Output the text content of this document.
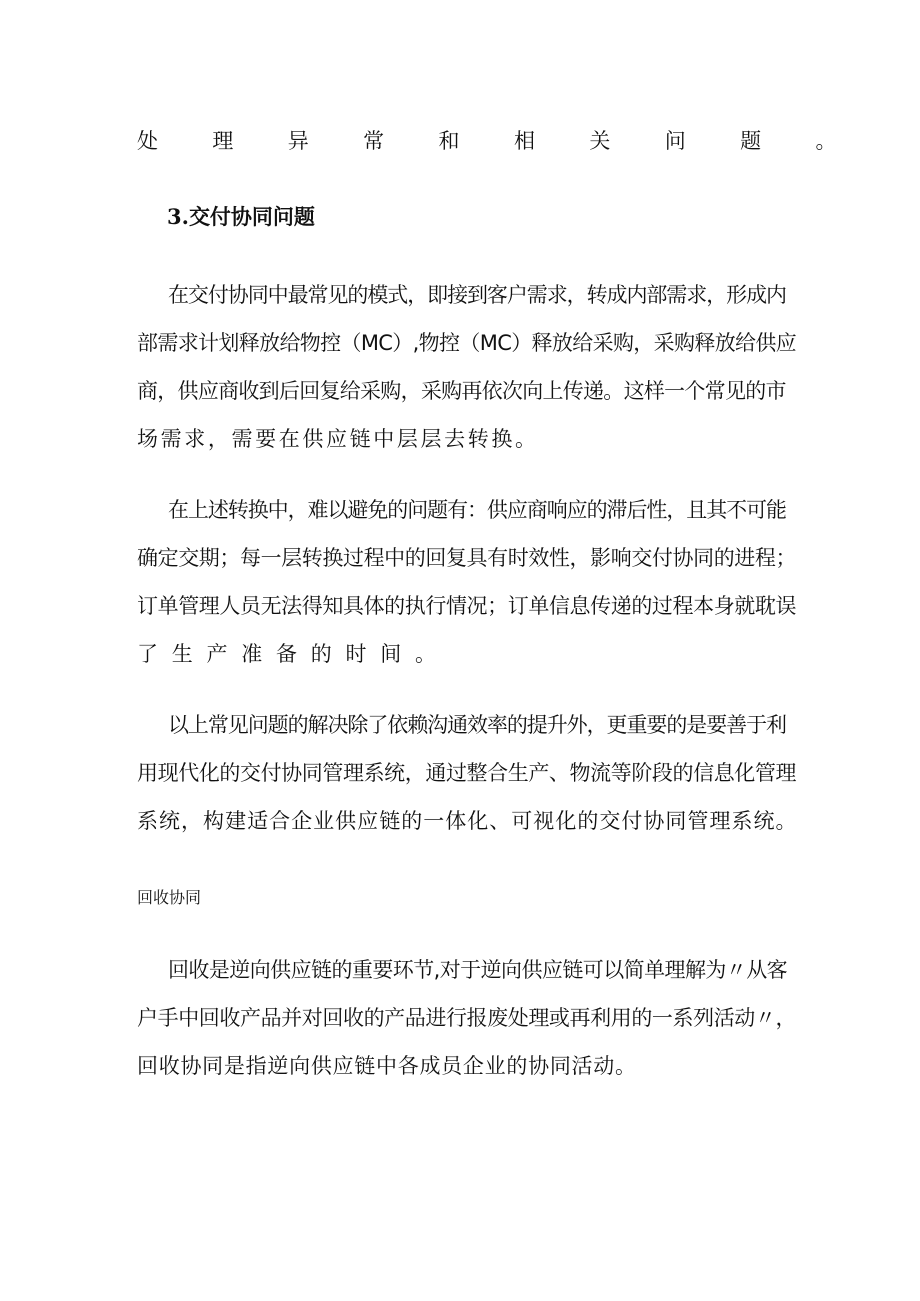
处理异常和相关问题。
3.交付协同问题
在交付协同中最常见的模式，即接到客户需求，转成内部需求，形成内
部需求计划释放给物控（MC）,物控（MC）释放给采购，采购释放给供应
商，供应商收到后回复给采购，采购再依次向上传递。这样一个常见的市
场需求，需要在供应链中层层去转换。
在上述转换中，难以避免的问题有：供应商响应的滞后性，且其不可能
确定交期；每一层转换过程中的回复具有时效性，影响交付协同的进程；
订单管理人员无法得知具体的执行情况；订单信息传递的过程本身就耽误
了生产准备的时间。
以上常见问题的解决除了依赖沟通效率的提升外，更重要的是要善于利
用现代化的交付协同管理系统，通过整合生产、物流等阶段的信息化管理
系统，构建适合企业供应链的一体化、可视化的交付协同管理系统。
回收协同
回收是逆向供应链的重要环节,对于逆向供应链可以简单理解为〃从客
户手中回收产品并对回收的产品进行报废处理或再利用的一系列活动〃，
回收协同是指逆向供应链中各成员企业的协同活动。
